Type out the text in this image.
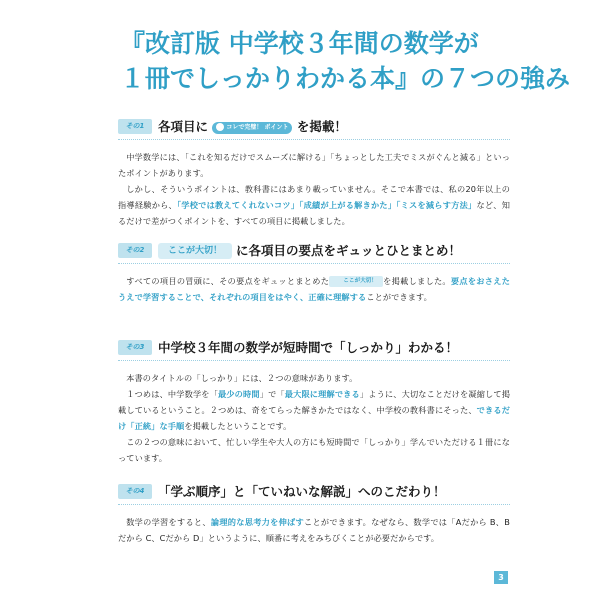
『改訂版 中学校３年間の数学が
１冊でしっかりわかる本』の７つの強み
その1	各項目に	コレで完璧！ ポイント を掲載！

中学数学には、「これを知るだけでスムーズに解ける」「ちょっとした工夫でミスがぐんと減る」といったポイントがあります。

しかし、そういうポイントは、教科書にはあまり載っていません。そこで本書では、私の20年以上の指導経験から、「学校では教えてくれないコツ」「成績が上がる解きかた」「ミスを減らす方法」など、知るだけで差がつくポイントを、すべての項目に掲載しました。

その2	ここが大切！ に各項目の要点をギュッとひとまとめ！

すべての項目の冒頭に、その要点をギュッとまとめた	ここが大切！ を掲載しました。要点をおさえたうえで学習することで、それぞれの項目をはやく、正確に理解することができます。

その3	中学校３年間の数学が短時間で「しっかり」わかる！

本書のタイトルの「しっかり」には、２つの意味があります。

１つめは、中学数学を「最少の時間」で「最大限に理解できる」ように、大切なことだけを凝縮して掲載しているということ。２つめは、奇をてらった解きかたではなく、中学校の教科書にそった、できるだけ「正統」な手順を掲載したということです。

この２つの意味において、忙しい学生や大人の方にも短時間で「しっかり」学んでいただける１冊になっています。

その4	「学ぶ順序」と「ていねいな解説」へのこだわり！

数学の学習をすると、論理的な思考力を伸ばすことができます。なぜなら、数学では「Aだから B、Bだから C、Cだから D」というように、順番に考えをみちびくことが必要だからです。

3
